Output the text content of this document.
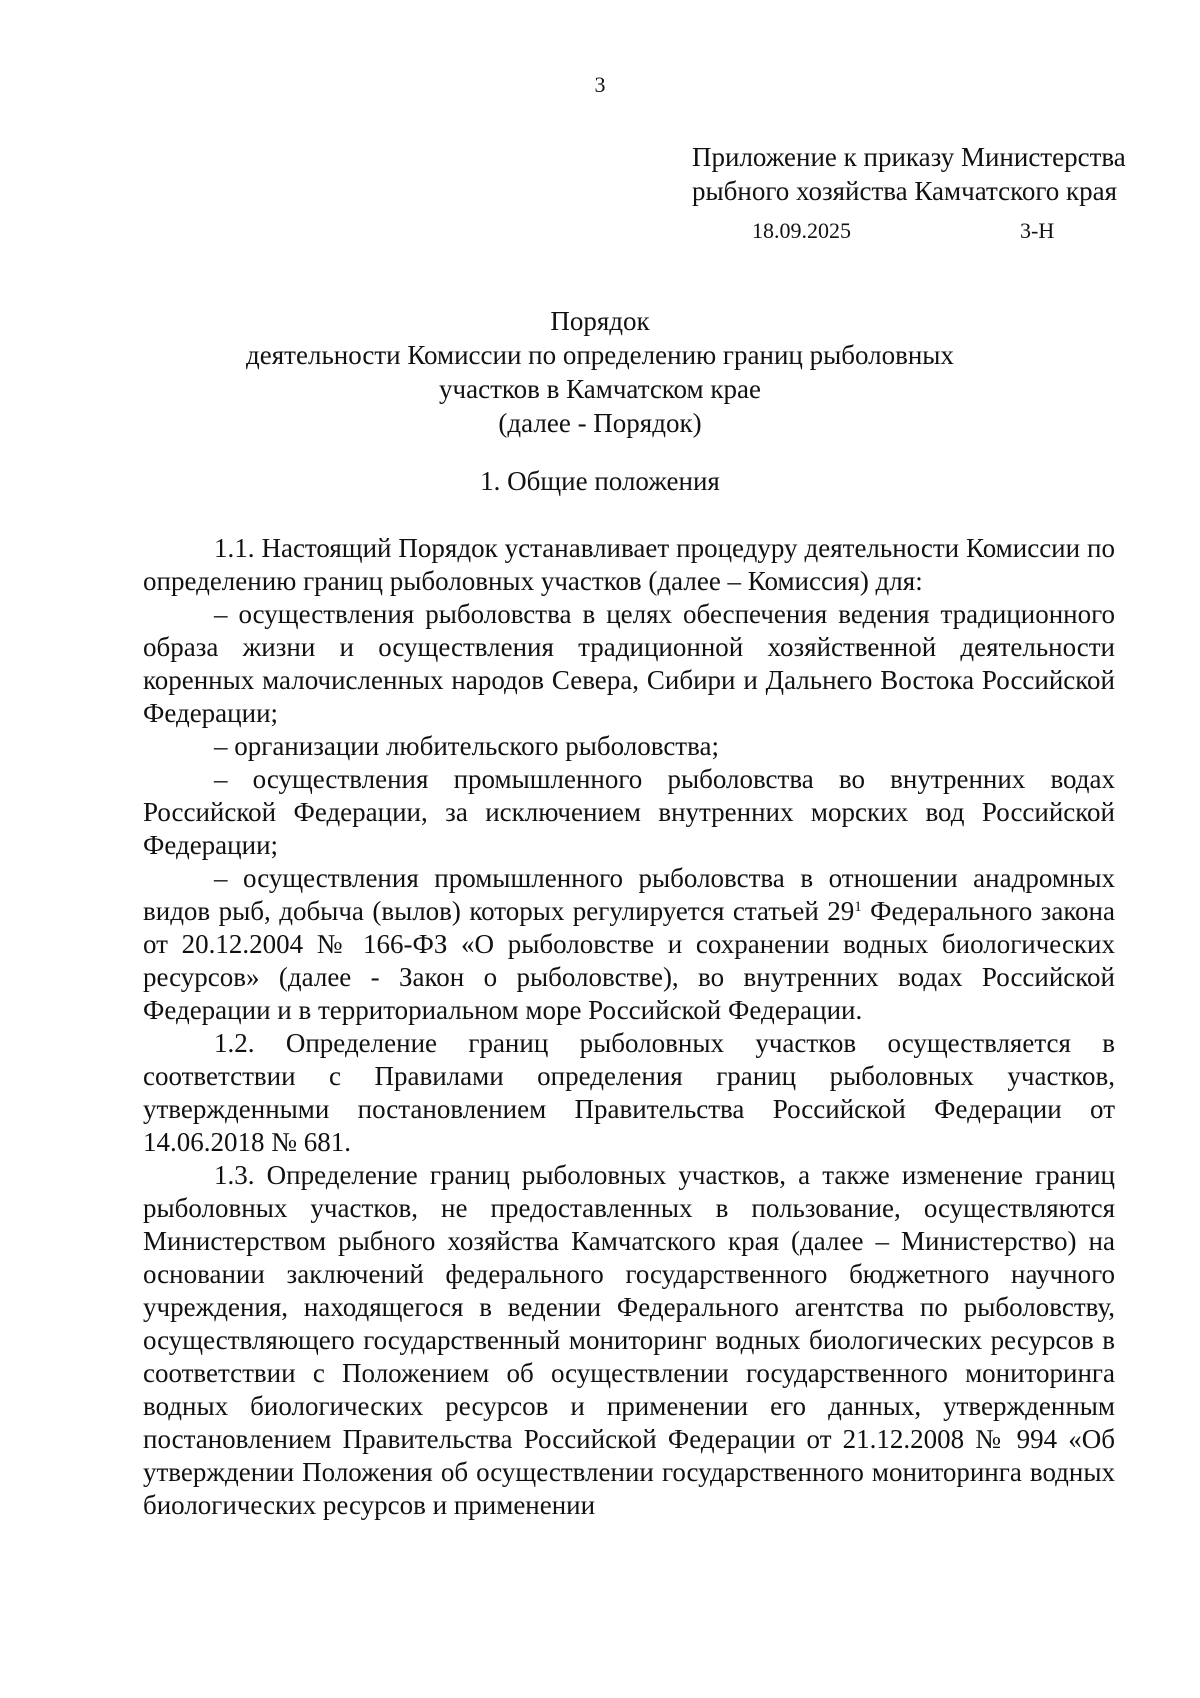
3
Приложение к приказу Министерства
рыбного хозяйства Камчатского края
18.09.2025	3-Н
Порядок
деятельности Комиссии по определению границ рыболовных
участков в Камчатском крае
(далее - Порядок)
1. Общие положения

1.1. Настоящий Порядок устанавливает процедуру деятельности Комиссии по определению границ рыболовных участков (далее – Комиссия) для:

– осуществления рыболовства в целях обеспечения ведения традиционного образа жизни и осуществления традиционной хозяйственной деятельности коренных малочисленных народов Севера, Сибири и Дальнего Востока Российской Федерации;

– организации любительского рыболовства;

– осуществления промышленного рыболовства во внутренних водах Российской Федерации, за исключением внутренних морских вод Российской Федерации;

– осуществления промышленного рыболовства в отношении анадромных видов рыб, добыча (вылов) которых регулируется статьей $29^1$ Федерального закона от 20.12.2004 № 166-ФЗ «О рыболовстве и сохранении водных биологических ресурсов» (далее - Закон о рыболовстве), во внутренних водах Российской Федерации и в территориальном море Российской Федерации.

1.2. Определение границ рыболовных участков осуществляется в соответствии с Правилами определения границ рыболовных участков, утвержденными постановлением Правительства Российской Федерации от 14.06.2018 № 681.

1.3. Определение границ рыболовных участков, а также изменение границ рыболовных участков, не предоставленных в пользование, осуществляются Министерством рыбного хозяйства Камчатского края (далее – Министерство) на основании заключений федерального государственного бюджетного научного учреждения, находящегося в ведении Федерального агентства по рыболовству, осуществляющего государственный мониторинг водных биологических ресурсов в соответствии с Положением об осуществлении государственного мониторинга водных биологических ресурсов и применении его данных, утвержденным постановлением Правительства Российской Федерации от 21.12.2008 № 994 «Об утверждении Положения об осуществлении государственного мониторинга водных биологических ресурсов и применении
